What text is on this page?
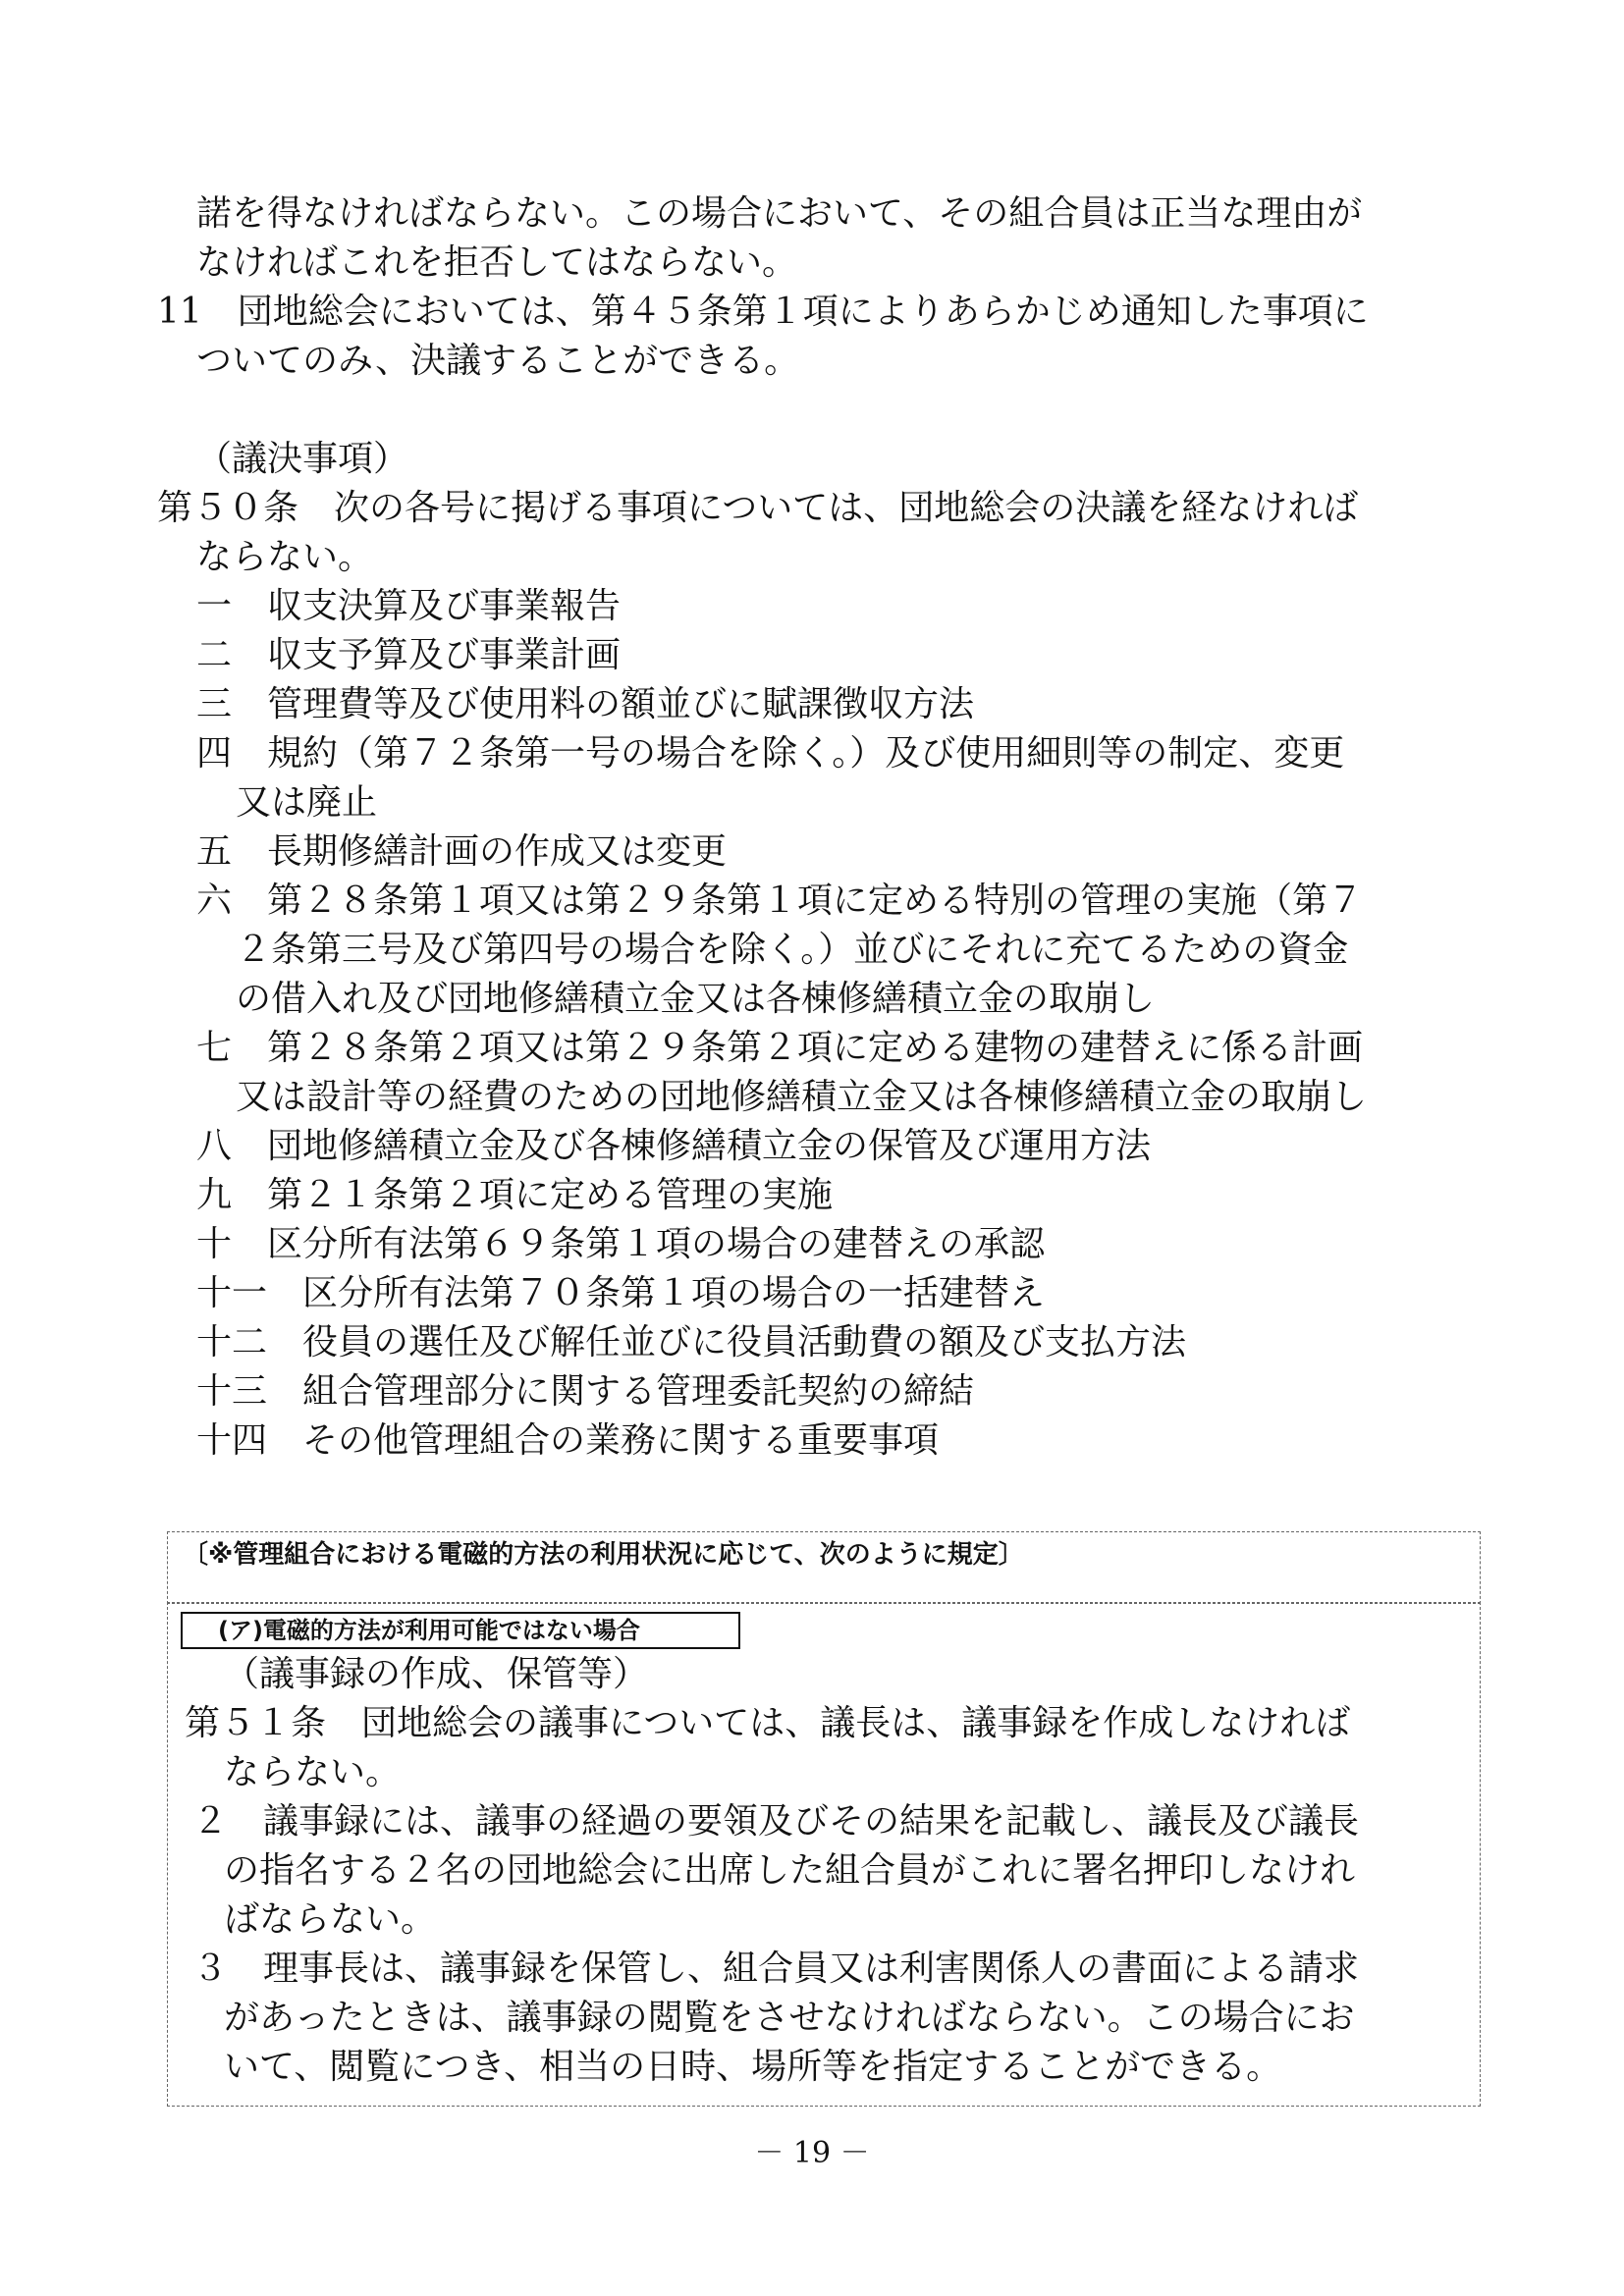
諾を得なければならない。この場合において、その組合員は正当な理由が
なければこれを拒否してはならない。
11　団地総会においては、第４５条第１項によりあらかじめ通知した事項に
ついてのみ、決議することができる。
（議決事項）
第５０条　次の各号に掲げる事項については、団地総会の決議を経なければ
ならない。
一　収支決算及び事業報告
二　収支予算及び事業計画
三　管理費等及び使用料の額並びに賦課徴収方法
四　規約（第７２条第一号の場合を除く。）及び使用細則等の制定、変更
又は廃止
五　長期修繕計画の作成又は変更
六　第２８条第１項又は第２９条第１項に定める特別の管理の実施（第７
２条第三号及び第四号の場合を除く。）並びにそれに充てるための資金
の借入れ及び団地修繕積立金又は各棟修繕積立金の取崩し
七　第２８条第２項又は第２９条第２項に定める建物の建替えに係る計画
又は設計等の経費のための団地修繕積立金又は各棟修繕積立金の取崩し
八　団地修繕積立金及び各棟修繕積立金の保管及び運用方法
九　第２１条第２項に定める管理の実施
十　区分所有法第６９条第１項の場合の建替えの承認
十一　区分所有法第７０条第１項の場合の一括建替え
十二　役員の選任及び解任並びに役員活動費の額及び支払方法
十三　組合管理部分に関する管理委託契約の締結
十四　その他管理組合の業務に関する重要事項
〔※管理組合における電磁的方法の利用状況に応じて、次のように規定〕
(ア)電磁的方法が利用可能ではない場合
（議事録の作成、保管等）
第５１条　団地総会の議事については、議長は、議事録を作成しなければ
ならない。
２　議事録には、議事の経過の要領及びその結果を記載し、議長及び議長
の指名する２名の団地総会に出席した組合員がこれに署名押印しなけれ
ばならない。
３　理事長は、議事録を保管し、組合員又は利害関係人の書面による請求
があったときは、議事録の閲覧をさせなければならない。この場合にお
いて、閲覧につき、相当の日時、場所等を指定することができる。
－ 19 －
